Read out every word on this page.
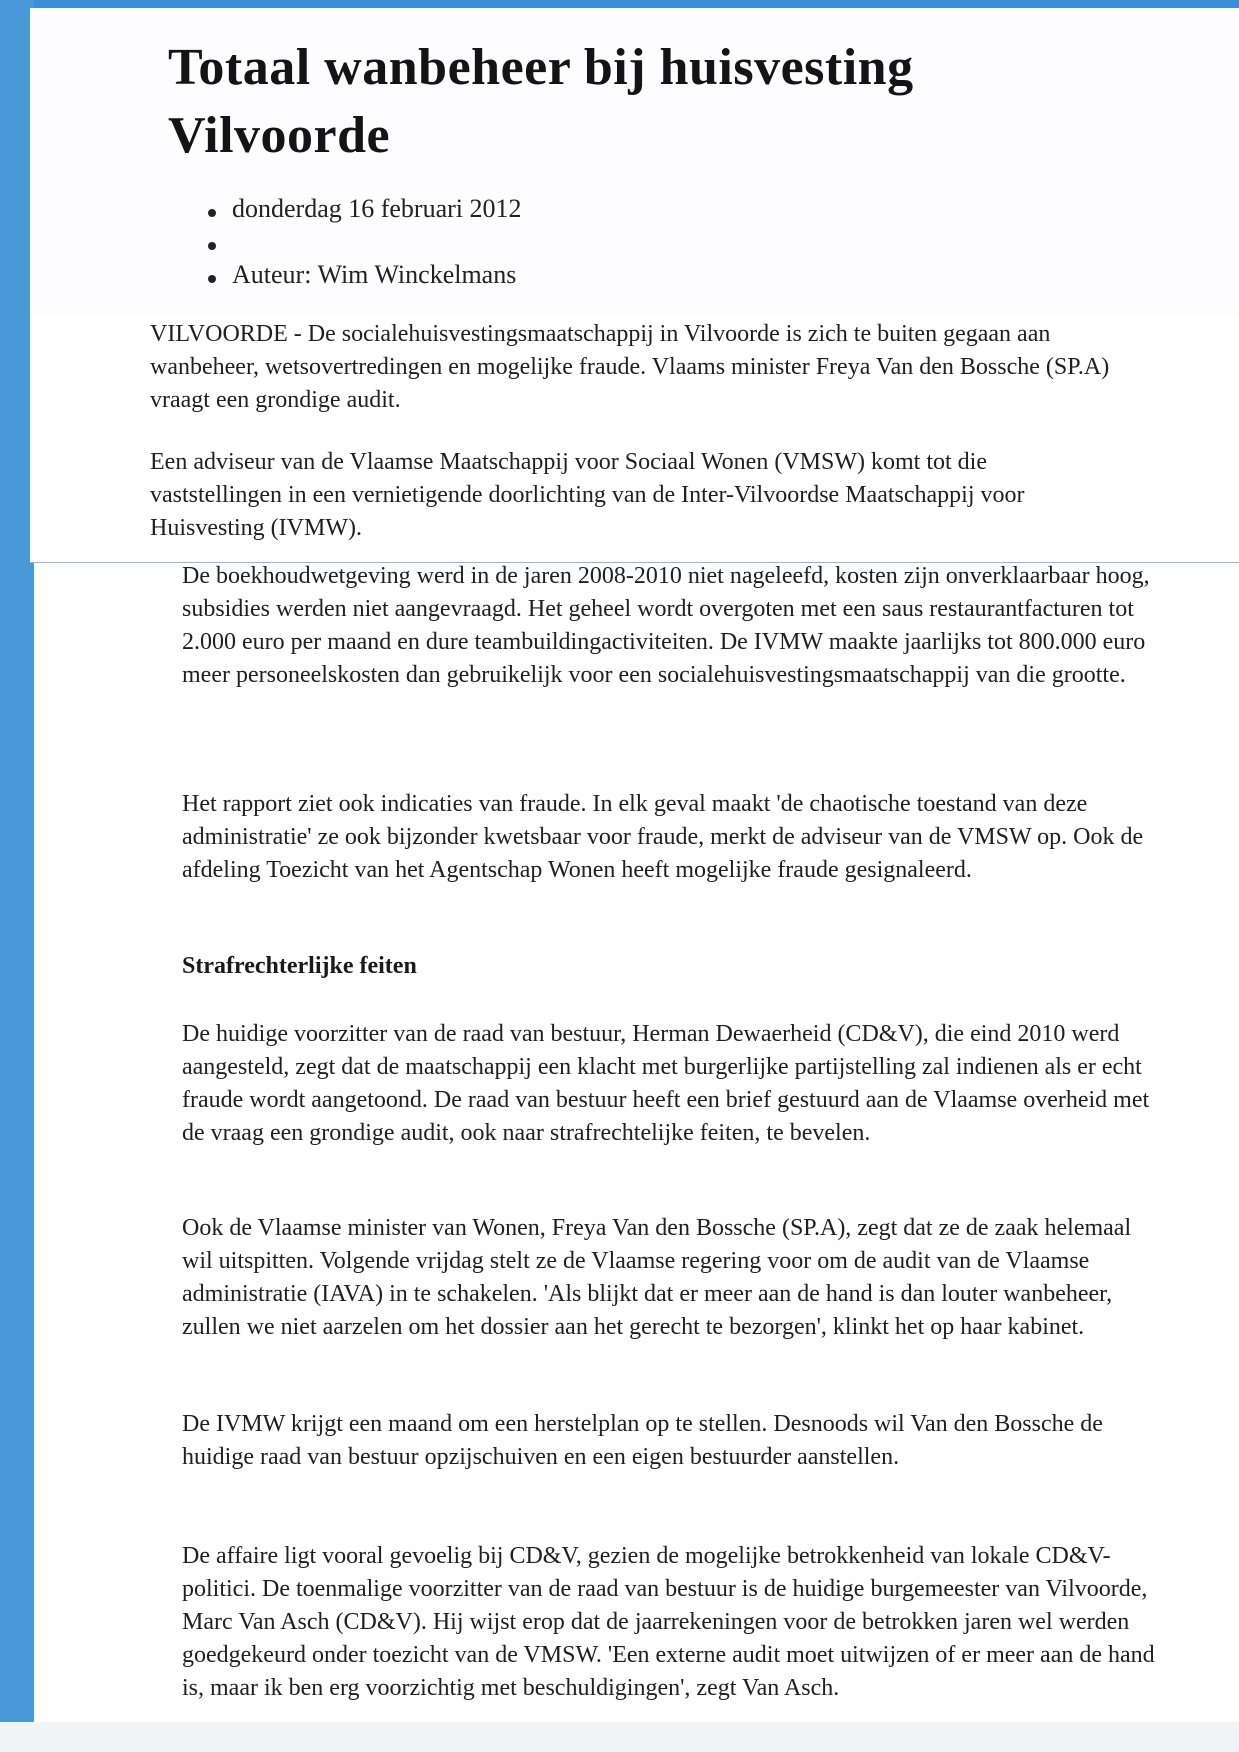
Totaal wanbeheer bij huisvesting Vilvoorde
donderdag 16 februari 2012
Auteur: Wim Winckelmans

VILVOORDE - De socialehuisvestingsmaatschappij in Vilvoorde is zich te buiten gegaan aan wanbeheer, wetsovertredingen en mogelijke fraude. Vlaams minister Freya Van den Bossche (SP.A) vraagt een grondige audit.

Een adviseur van de Vlaamse Maatschappij voor Sociaal Wonen (VMSW) komt tot die vaststellingen in een vernietigende doorlichting van de Inter-Vilvoordse Maatschappij voor Huisvesting (IVMW).

De boekhoudwetgeving werd in de jaren 2008-2010 niet nageleefd, kosten zijn onverklaarbaar hoog, subsidies werden niet aangevraagd. Het geheel wordt overgoten met een saus restaurantfacturen tot 2.000 euro per maand en dure teambuildingactiviteiten. De IVMW maakte jaarlijks tot 800.000 euro meer personeelskosten dan gebruikelijk voor een socialehuisvestingsmaatschappij van die grootte.

Het rapport ziet ook indicaties van fraude. In elk geval maakt 'de chaotische toestand van deze administratie' ze ook bijzonder kwetsbaar voor fraude, merkt de adviseur van de VMSW op. Ook de afdeling Toezicht van het Agentschap Wonen heeft mogelijke fraude gesignaleerd.

Strafrechterlijke feiten

De huidige voorzitter van de raad van bestuur, Herman Dewaerheid (CD&V), die eind 2010 werd aangesteld, zegt dat de maatschappij een klacht met burgerlijke partijstelling zal indienen als er echt fraude wordt aangetoond. De raad van bestuur heeft een brief gestuurd aan de Vlaamse overheid met de vraag een grondige audit, ook naar strafrechtelijke feiten, te bevelen.

Ook de Vlaamse minister van Wonen, Freya Van den Bossche (SP.A), zegt dat ze de zaak helemaal wil uitspitten. Volgende vrijdag stelt ze de Vlaamse regering voor om de audit van de Vlaamse administratie (IAVA) in te schakelen. 'Als blijkt dat er meer aan de hand is dan louter wanbeheer, zullen we niet aarzelen om het dossier aan het gerecht te bezorgen', klinkt het op haar kabinet.

De IVMW krijgt een maand om een herstelplan op te stellen. Desnoods wil Van den Bossche de huidige raad van bestuur opzijschuiven en een eigen bestuurder aanstellen.

De affaire ligt vooral gevoelig bij CD&V, gezien de mogelijke betrokkenheid van lokale CD&V-politici. De toenmalige voorzitter van de raad van bestuur is de huidige burgemeester van Vilvoorde, Marc Van Asch (CD&V). Hij wijst erop dat de jaarrekeningen voor de betrokken jaren wel werden goedgekeurd onder toezicht van de VMSW. 'Een externe audit moet uitwijzen of er meer aan de hand is, maar ik ben erg voorzichtig met beschuldigingen', zegt Van Asch.
